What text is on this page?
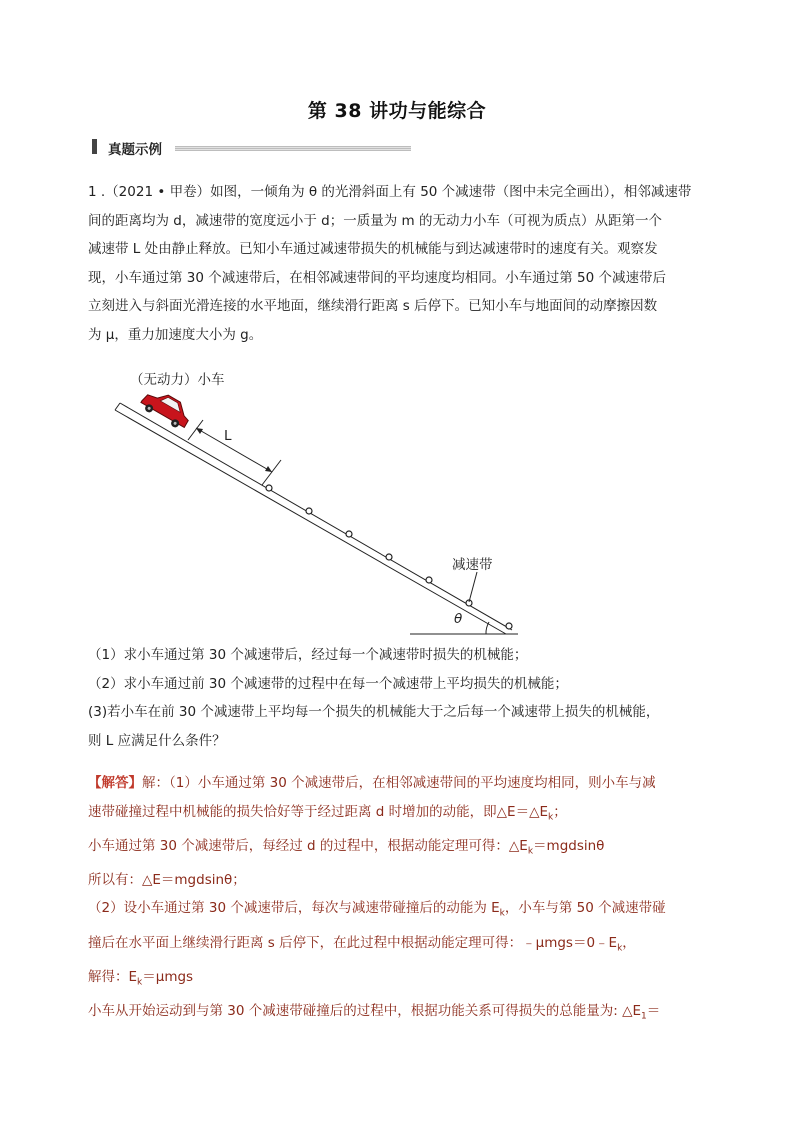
第 38 讲功与能综合
真题示例

1 .（2021 • 甲卷）如图，一倾角为 θ 的光滑斜面上有 50 个减速带（图中未完全画出），相邻减速带

间的距离均为 d，减速带的宽度远小于 d；一质量为 m 的无动力小车（可视为质点）从距第一个

减速带 L 处由静止释放。已知小车通过减速带损失的机械能与到达减速带时的速度有关。观察发

现，小车通过第 30 个减速带后，在相邻减速带间的平均速度均相同。小车通过第 50 个减速带后

立刻进入与斜面光滑连接的水平地面，继续滑行距离 s 后停下。已知小车与地面间的动摩擦因数

为 μ，重力加速度大小为 g。

（无动力）小车
L
减速带
θ

（1）求小车通过第 30 个减速带后，经过每一个减速带时损失的机械能；

（2）求小车通过前 30 个减速带的过程中在每一个减速带上平均损失的机械能；

(3)若小车在前 30 个减速带上平均每一个损失的机械能大于之后每一个减速带上损失的机械能，

则 L 应满足什么条件？

【解答】解：（1）小车通过第 30 个减速带后，在相邻减速带间的平均速度均相同，则小车与减

速带碰撞过程中机械能的损失恰好等于经过距离 d 时增加的动能，即$\triangle E=\triangle E_k$；

小车通过第 30 个减速带后，每经过 d 的过程中，根据动能定理可得：$\triangle E_k=mgdsin\theta$

所以有：△E＝mgdsinθ；

（2）设小车通过第 30 个减速带后，每次与减速带碰撞后的动能为 $E_k$，小车与第 50 个减速带碰

撞后在水平面上继续滑行距离 s 后停下，在此过程中根据动能定理可得：$﹣\mu mgs=0﹣E_k$，

解得：$E_k=\mu mgs$

小车从开始运动到与第 30 个减速带碰撞后的过程中，根据功能关系可得损失的总能量为: $\triangle E_1=$
